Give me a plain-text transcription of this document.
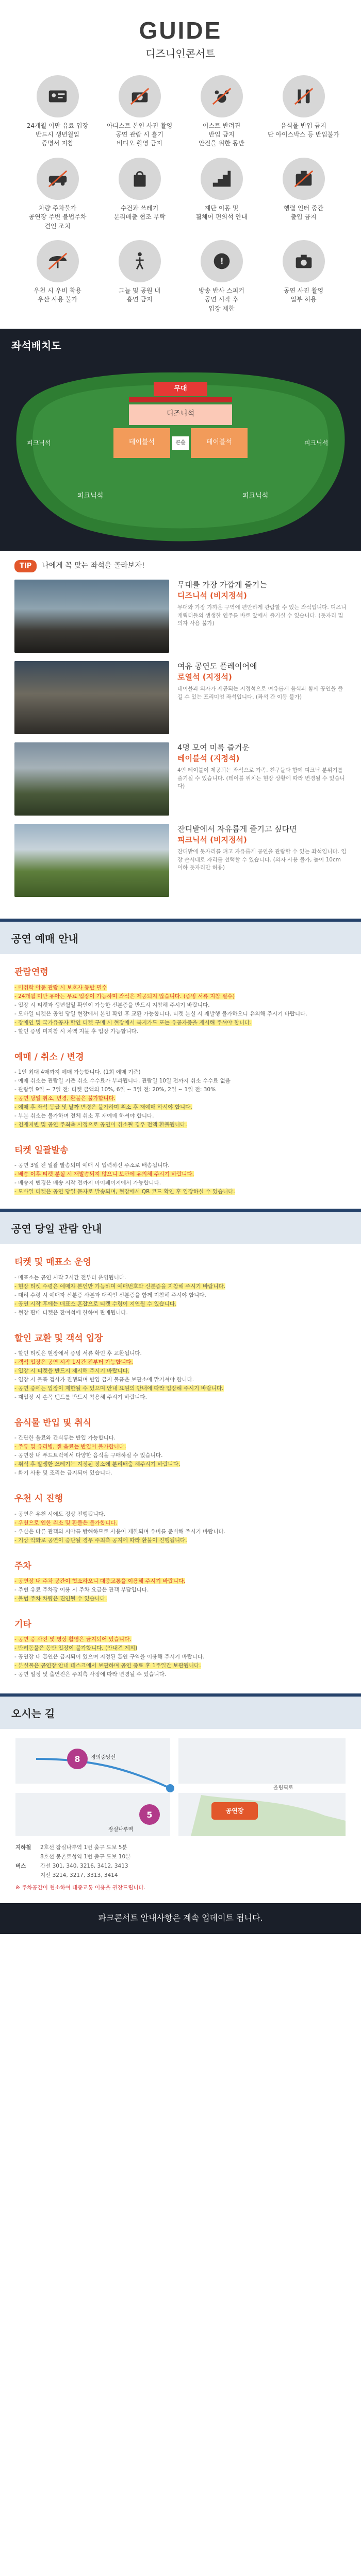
GUIDE
디즈니인콘서트
24개월 이만 유료 입장
반드시 생년월일
증명서 지참
아티스트 본인 사진 촬영
공연 관람 시 흘기
비디오 촬영 금지
이스트 반려견
반입 금지
안전을 위한 동반
음식물 반입 금지
단 아이스박스 등 반입불가
차량 주차불가
공연장 주변 불법주차
견인 조치
수건과 쓰레기
분리배출 협조 부탁
계단 이동 및
휠체어 편의석 안내
행렬 인터 중간
출입 금지
우천 시 우비 착용
우산 사용 불가
그늘 및 공원 내
흡연 금지
!
방송 반사 스피커
공연 시작 후
입장 제한
공연 사진 촬영
일부 허용
좌석배치도
무대
디즈니석
테이블석	테이블석
콘솔
피크닉석	피크닉석
피크닉석	피크닉석
TIP	나에게 꼭 맞는 좌석을 골라보자!
무대를 가장 가깝게 즐기는
디즈니석 (비지정석)

무대와 가장 가까운 구역에 편안하게 관람할 수 있는 좌석입니다. 디즈니 캐릭터들의 생생한 연주를 바로 앞에서 즐기실 수 있습니다. (돗자리 및 의자 사용 불가)

여유 공연도 플레이어에
로열석 (지정석)

테이블과 의자가 제공되는 지정석으로 여유롭게 음식과 함께 공연을 즐길 수 있는 프리미엄 좌석입니다. (좌석 간 이동 불가)

4명 모여 미록 즐거운
테이블석 (지정석)

4인 테이블이 제공되는 좌석으로 가족, 친구들과 함께 피크닉 분위기를 즐기실 수 있습니다. (테이블 위치는 현장 상황에 따라 변경될 수 있습니다)

잔디밭에서 자유롭게 즐기고 싶다면
피크닉석 (비지정석)

잔디밭에 돗자리를 펴고 자유롭게 공연을 관람할 수 있는 좌석입니다. 입장 순서대로 자리를 선택할 수 있습니다. (의자 사용 불가, 높이 10cm 이하 돗자리만 허용)

공연 예매 안내
관람연령
- 미취학 아동 관람 시 보호자 동반 필수
- 24개월 미만 유아는 무료 입장이 가능하며 좌석은 제공되지 않습니다. (증빙 서류 지참 필수)
- 입장 시 티켓과 생년월일 확인이 가능한 신분증을 반드시 지참해 주시기 바랍니다.
- 모바일 티켓은 공연 당일 현장에서 본인 확인 후 교환 가능합니다. 티켓 분실 시 재발행 불가하오니 유의해 주시기 바랍니다.
- 장애인 및 국가유공자 할인 티켓 구매 시 현장에서 복지카드 또는 유공자증을 제시해 주셔야 합니다.
- 할인 증빙 미지참 시 차액 지불 후 입장 가능합니다.
예매 / 취소 / 변경
- 1인 최대 4매까지 예매 가능합니다. (1회 예매 기준)
- 예매 취소는 관람일 기준 취소 수수료가 부과됩니다. 관람일 10일 전까지 취소 수수료 없음
- 관람일 9일 ~ 7일 전: 티켓 금액의 10%, 6일 ~ 3일 전: 20%, 2일 ~ 1일 전: 30%
- 공연 당일 취소, 변경, 환불은 불가합니다.
- 예매 후 좌석 등급 및 날짜 변경은 불가하며 취소 후 재예매 하셔야 합니다.
- 부분 취소는 불가하며 전체 취소 후 재예매 하셔야 합니다.
- 천재지변 및 공연 주최측 사정으로 공연이 취소될 경우 전액 환불됩니다.
티켓 일괄발송
- 공연 3일 전 일괄 발송되며 예매 시 입력하신 주소로 배송됩니다.
- 배송 이후 티켓 분실 시 재발송되지 않으니 보관에 유의해 주시기 바랍니다.
- 배송지 변경은 배송 시작 전까지 마이페이지에서 가능합니다.
- 모바일 티켓은 공연 당일 문자로 발송되며, 현장에서 QR 코드 확인 후 입장하실 수 있습니다.
공연 당일 관람 안내
티켓 및 매표소 운영
- 매표소는 공연 시작 2시간 전부터 운영됩니다.
- 현장 티켓 수령은 예매자 본인만 가능하며 예매번호와 신분증을 지참해 주시기 바랍니다.
- 대리 수령 시 예매자 신분증 사본과 대리인 신분증을 함께 지참해 주셔야 합니다.
- 공연 시작 후에는 매표소 혼잡으로 티켓 수령이 지연될 수 있습니다.
- 현장 판매 티켓은 잔여석에 한하여 판매됩니다.
할인 교환 및 객석 입장
- 할인 티켓은 현장에서 증빙 서류 확인 후 교환됩니다.
- 객석 입장은 공연 시작 1시간 전부터 가능합니다.
- 입장 시 티켓을 반드시 제시해 주시기 바랍니다.
- 입장 시 물품 검사가 진행되며 반입 금지 물품은 보관소에 맡기셔야 합니다.
- 공연 중에는 입장이 제한될 수 있으며 안내 요원의 안내에 따라 입장해 주시기 바랍니다.
- 재입장 시 손목 밴드를 반드시 착용해 주시기 바랍니다.
음식물 반입 및 취식
- 간단한 음료와 간식류는 반입 가능합니다.
- 주류 및 유리병, 캔 음료는 반입이 불가합니다.
- 공연장 내 푸드트럭에서 다양한 음식을 구매하실 수 있습니다.
- 취식 후 발생한 쓰레기는 지정된 장소에 분리배출 해주시기 바랍니다.
- 화기 사용 및 조리는 금지되어 있습니다.
우천 시 진행
- 공연은 우천 시에도 정상 진행됩니다.
- 우천으로 인한 취소 및 환불은 불가합니다.
- 우산은 다른 관객의 시야를 방해하므로 사용이 제한되며 우비를 준비해 주시기 바랍니다.
- 기상 악화로 공연이 중단될 경우 주최측 공지에 따라 환불이 진행됩니다.
주차
- 공연장 내 주차 공간이 협소하오니 대중교통을 이용해 주시기 바랍니다.
- 주변 유료 주차장 이용 시 주차 요금은 관객 부담입니다.
- 불법 주차 차량은 견인될 수 있습니다.
기타
- 공연 중 사진 및 영상 촬영은 금지되어 있습니다.
- 반려동물은 동반 입장이 불가합니다. (안내견 제외)
- 공연장 내 흡연은 금지되어 있으며 지정된 흡연 구역을 이용해 주시기 바랍니다.
- 분실물은 공연장 안내 데스크에서 보관하며 공연 종료 후 1주일간 보관됩니다.
- 공연 일정 및 출연진은 주최측 사정에 따라 변경될 수 있습니다.
오시는 길
8
5
경의중앙선
잠실나루역
공연장
올림픽로
지하철 2호선 잠실나루역 1번 출구 도보 5분
8호선 몽촌토성역 1번 출구 도보 10분
버스	간선 301, 340, 3216, 3412, 3413
지선 3214, 3217, 3313, 3414
※ 주차공간이 협소하여 대중교통 이용을 권장드립니다.
파크콘서트 안내사항은 계속 업데이트 됩니다.
